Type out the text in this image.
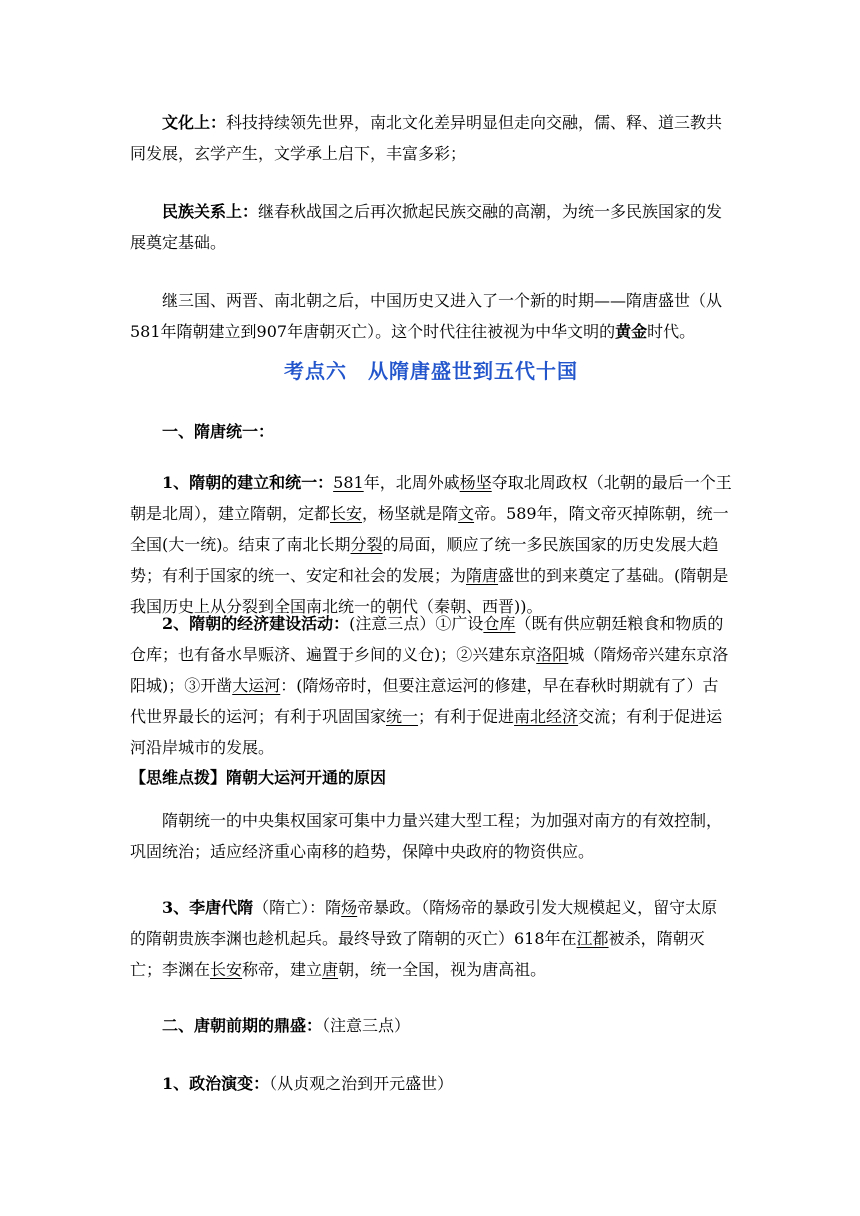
文化上：科技持续领先世界，南北文化差异明显但走向交融，儒、释、道三教共同发展，玄学产生，文学承上启下，丰富多彩；

民族关系上：继春秋战国之后再次掀起民族交融的高潮，为统一多民族国家的发展奠定基础。

继三国、两晋、南北朝之后，中国历史又进入了一个新的时期——隋唐盛世（从581年隋朝建立到907年唐朝灭亡）。这个时代往往被视为中华文明的黄金时代。

考点六　从隋唐盛世到五代十国

一、隋唐统一：

1、隋朝的建立和统一：581年，北周外戚杨坚夺取北周政权（北朝的最后一个王朝是北周），建立隋朝，定都长安，杨坚就是隋文帝。589年，隋文帝灭掉陈朝，统一全国(大一统)。结束了南北长期分裂的局面，顺应了统一多民族国家的历史发展大趋势；有利于国家的统一、安定和社会的发展；为隋唐盛世的到来奠定了基础。(隋朝是我国历史上从分裂到全国南北统一的朝代（秦朝、西晋))。

2、隋朝的经济建设活动：(注意三点）①广设仓库（既有供应朝廷粮食和物质的仓库；也有备水旱赈济、遍置于乡间的义仓)；②兴建东京洛阳城（隋炀帝兴建东京洛阳城)；③开凿大运河：(隋炀帝时，但要注意运河的修建，早在春秋时期就有了）古代世界最长的运河；有利于巩固国家统一；有利于促进南北经济交流；有利于促进运河沿岸城市的发展。

【思维点拨】隋朝大运河开通的原因

隋朝统一的中央集权国家可集中力量兴建大型工程；为加强对南方的有效控制，巩固统治；适应经济重心南移的趋势，保障中央政府的物资供应。

3、李唐代隋（隋亡）：隋炀帝暴政。（隋炀帝的暴政引发大规模起义，留守太原的隋朝贵族李渊也趁机起兵。最终导致了隋朝的灭亡）618年在江都被杀，隋朝灭亡；李渊在长安称帝，建立唐朝，统一全国，视为唐高祖。

二、唐朝前期的鼎盛：（注意三点）

1、政治演变：（从贞观之治到开元盛世）
